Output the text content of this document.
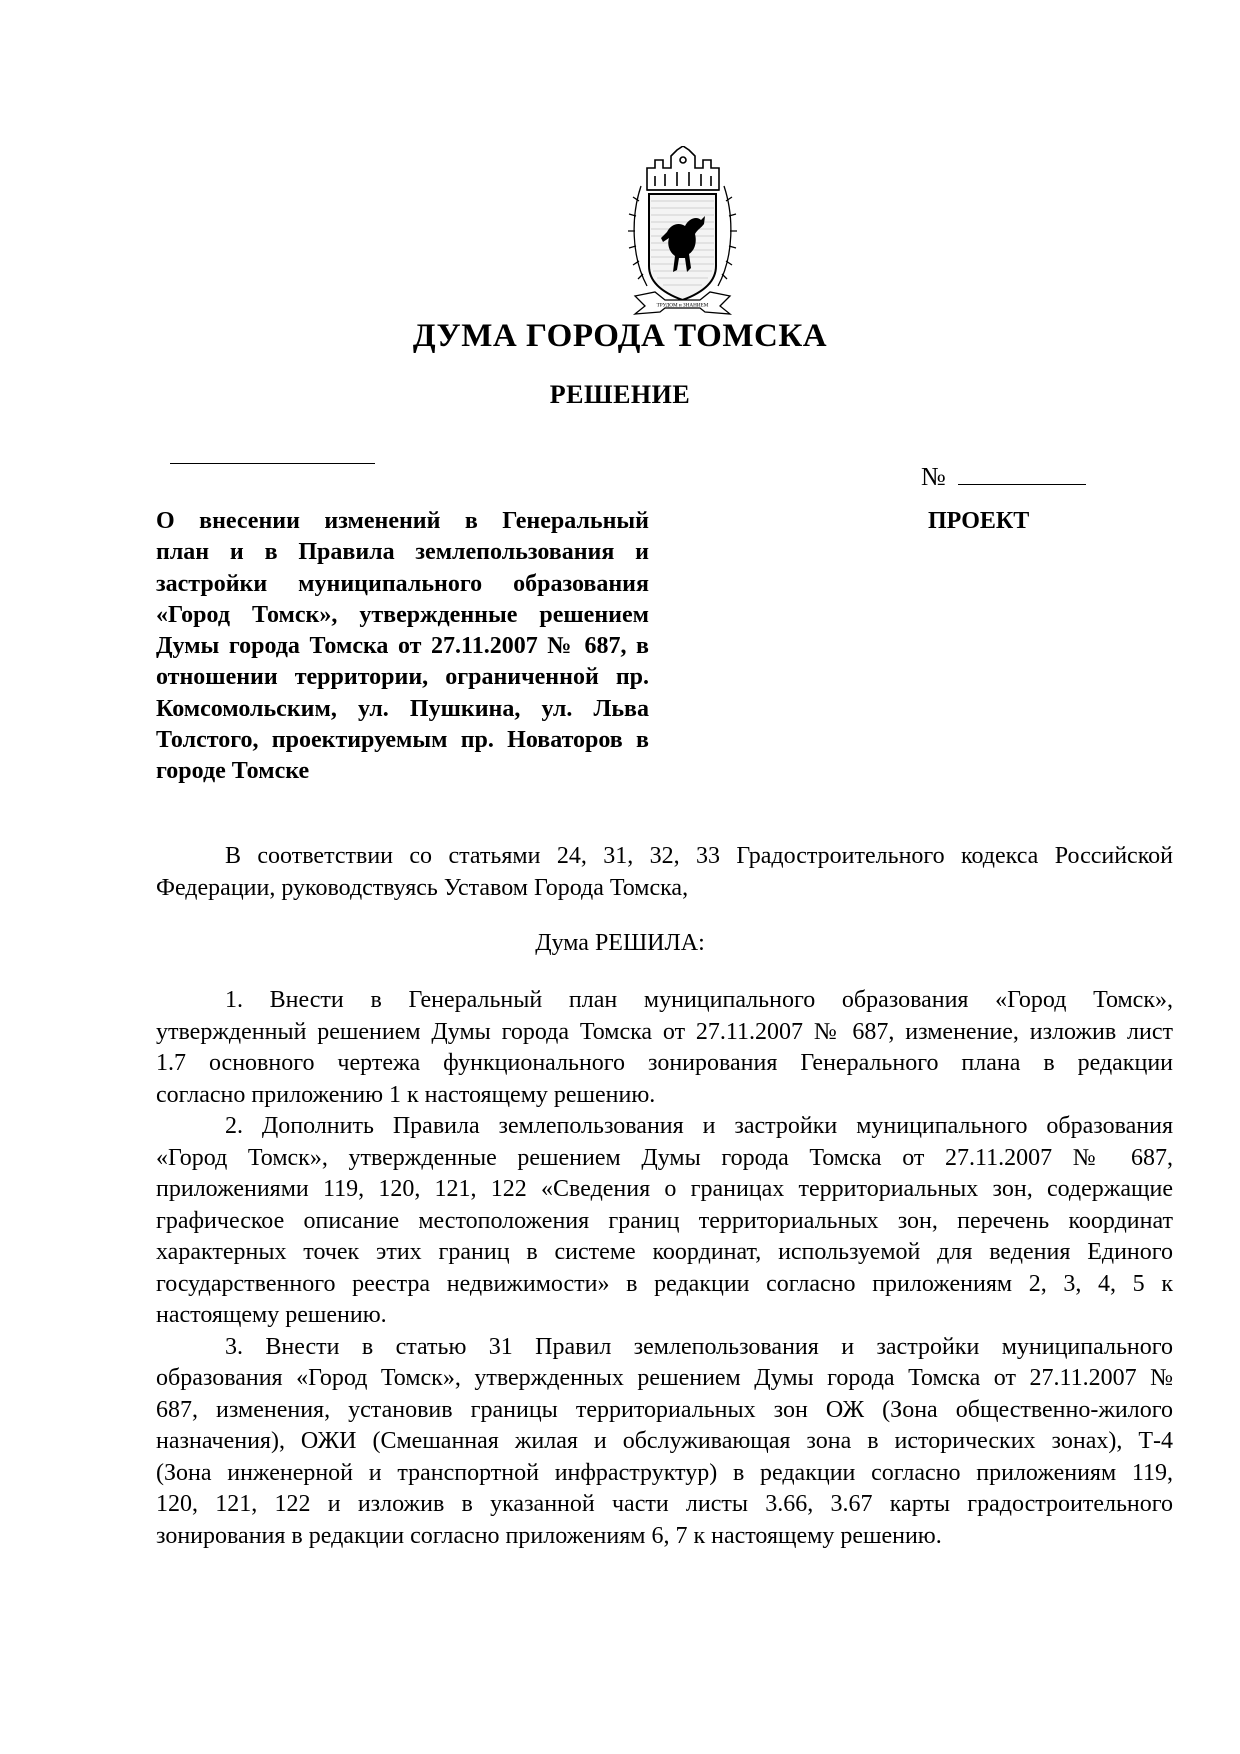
ТРУДОМ и ЗНАНИЕМ
ДУМА ГОРОДА ТОМСКА
РЕШЕНИЕ
№
ПРОЕКТ

О внесении изменений в Генеральный

план и в Правила землепользования и

застройки муниципального образования

«Город Томск», утвержденные решением

Думы города Томска от 27.11.2007 № 687, в

отношении территории, ограниченной пр.

Комсомольским, ул. Пушкина, ул. Льва

Толстого, проектируемым пр. Новаторов в

городе Томске

В соответствии со статьями 24, 31, 32, 33 Градостроительного кодекса Российской

Федерации, руководствуясь Уставом Города Томска,

Дума РЕШИЛА:

1. Внести в Генеральный план муниципального образования «Город Томск»,

утвержденный решением Думы города Томска от 27.11.2007 № 687, изменение, изложив лист

1.7 основного чертежа функционального зонирования Генерального плана в редакции

согласно приложению 1 к настоящему решению.

2. Дополнить Правила землепользования и застройки муниципального образования

«Город Томск», утвержденные решением Думы города Томска от 27.11.2007 № 687,

приложениями 119, 120, 121, 122 «Сведения о границах территориальных зон, содержащие

графическое описание местоположения границ территориальных зон, перечень координат

характерных точек этих границ в системе координат, используемой для ведения Единого

государственного реестра недвижимости» в редакции согласно приложениям 2, 3, 4, 5 к

настоящему решению.

3. Внести в статью 31 Правил землепользования и застройки муниципального

образования «Город Томск», утвержденных решением Думы города Томска от 27.11.2007 №

687, изменения, установив границы территориальных зон ОЖ (Зона общественно-жилого

назначения), ОЖИ (Смешанная жилая и обслуживающая зона в исторических зонах), Т-4

(Зона инженерной и транспортной инфраструктур) в редакции согласно приложениям 119,

120, 121, 122 и изложив в указанной части листы 3.66, 3.67 карты градостроительного

зонирования в редакции согласно приложениям 6, 7 к настоящему решению.
